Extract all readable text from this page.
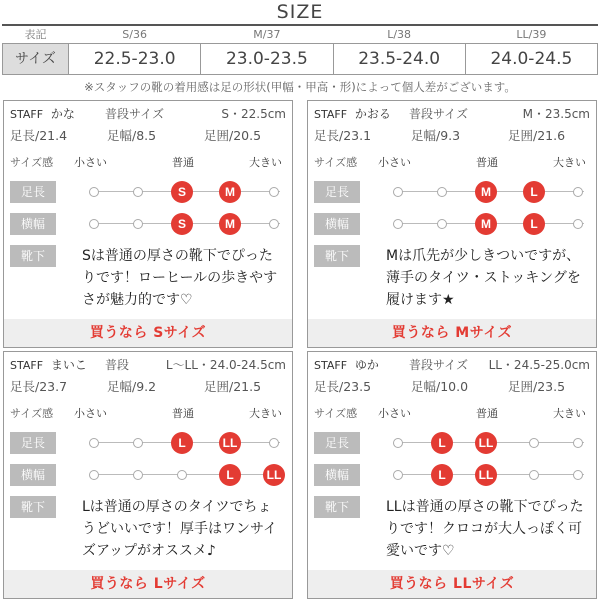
SIZE
表記	S/36	M/37	L/38	LL/39
サイズ	22.5-23.0	23.0-23.5	23.5-24.0	24.0-24.5
※スタッフの靴の着用感は足の形状(甲幅・甲高・形)によって個人差がございます。
STAFF かな	普段サイズ	S・22.5cm
足長/21.4	足幅/8.5	足囲/20.5
サイズ感 小さい	普通	大きい
足長	S	M
横幅	S	M
靴下	Sは普通の厚さの靴下でぴったりです！ローヒールの歩きやすさが魅力的です♡
買うなら Sサイズ
STAFF かおる 普段サイズ	M・23.5cm
足長/23.1	足幅/9.3	足囲/21.6
サイズ感 小さい	普通	大きい
足長	M	L
横幅	M	L
靴下	Mは爪先が少しきついですが、薄手のタイツ・ストッキングを履けます★
買うなら Mサイズ
STAFF まいこ 普段	L～LL・24.0-24.5cm
足長/23.7	足幅/9.2	足囲/21.5
サイズ感 小さい	普通	大きい
足長	L	LL
横幅	L	LL
靴下	Lは普通の厚さのタイツでちょうどいいです！厚手はワンサイズアップがオススメ♪
買うなら Lサイズ
STAFF ゆか	普段サイズ LL・24.5-25.0cm
足長/23.5	足幅/10.0	足囲/23.5
サイズ感 小さい	普通	大きい
足長	L	LL
横幅	L	LL
靴下	LLは普通の厚さの靴下でぴったりです！クロコが大人っぽく可愛いです♡
買うなら LLサイズ
